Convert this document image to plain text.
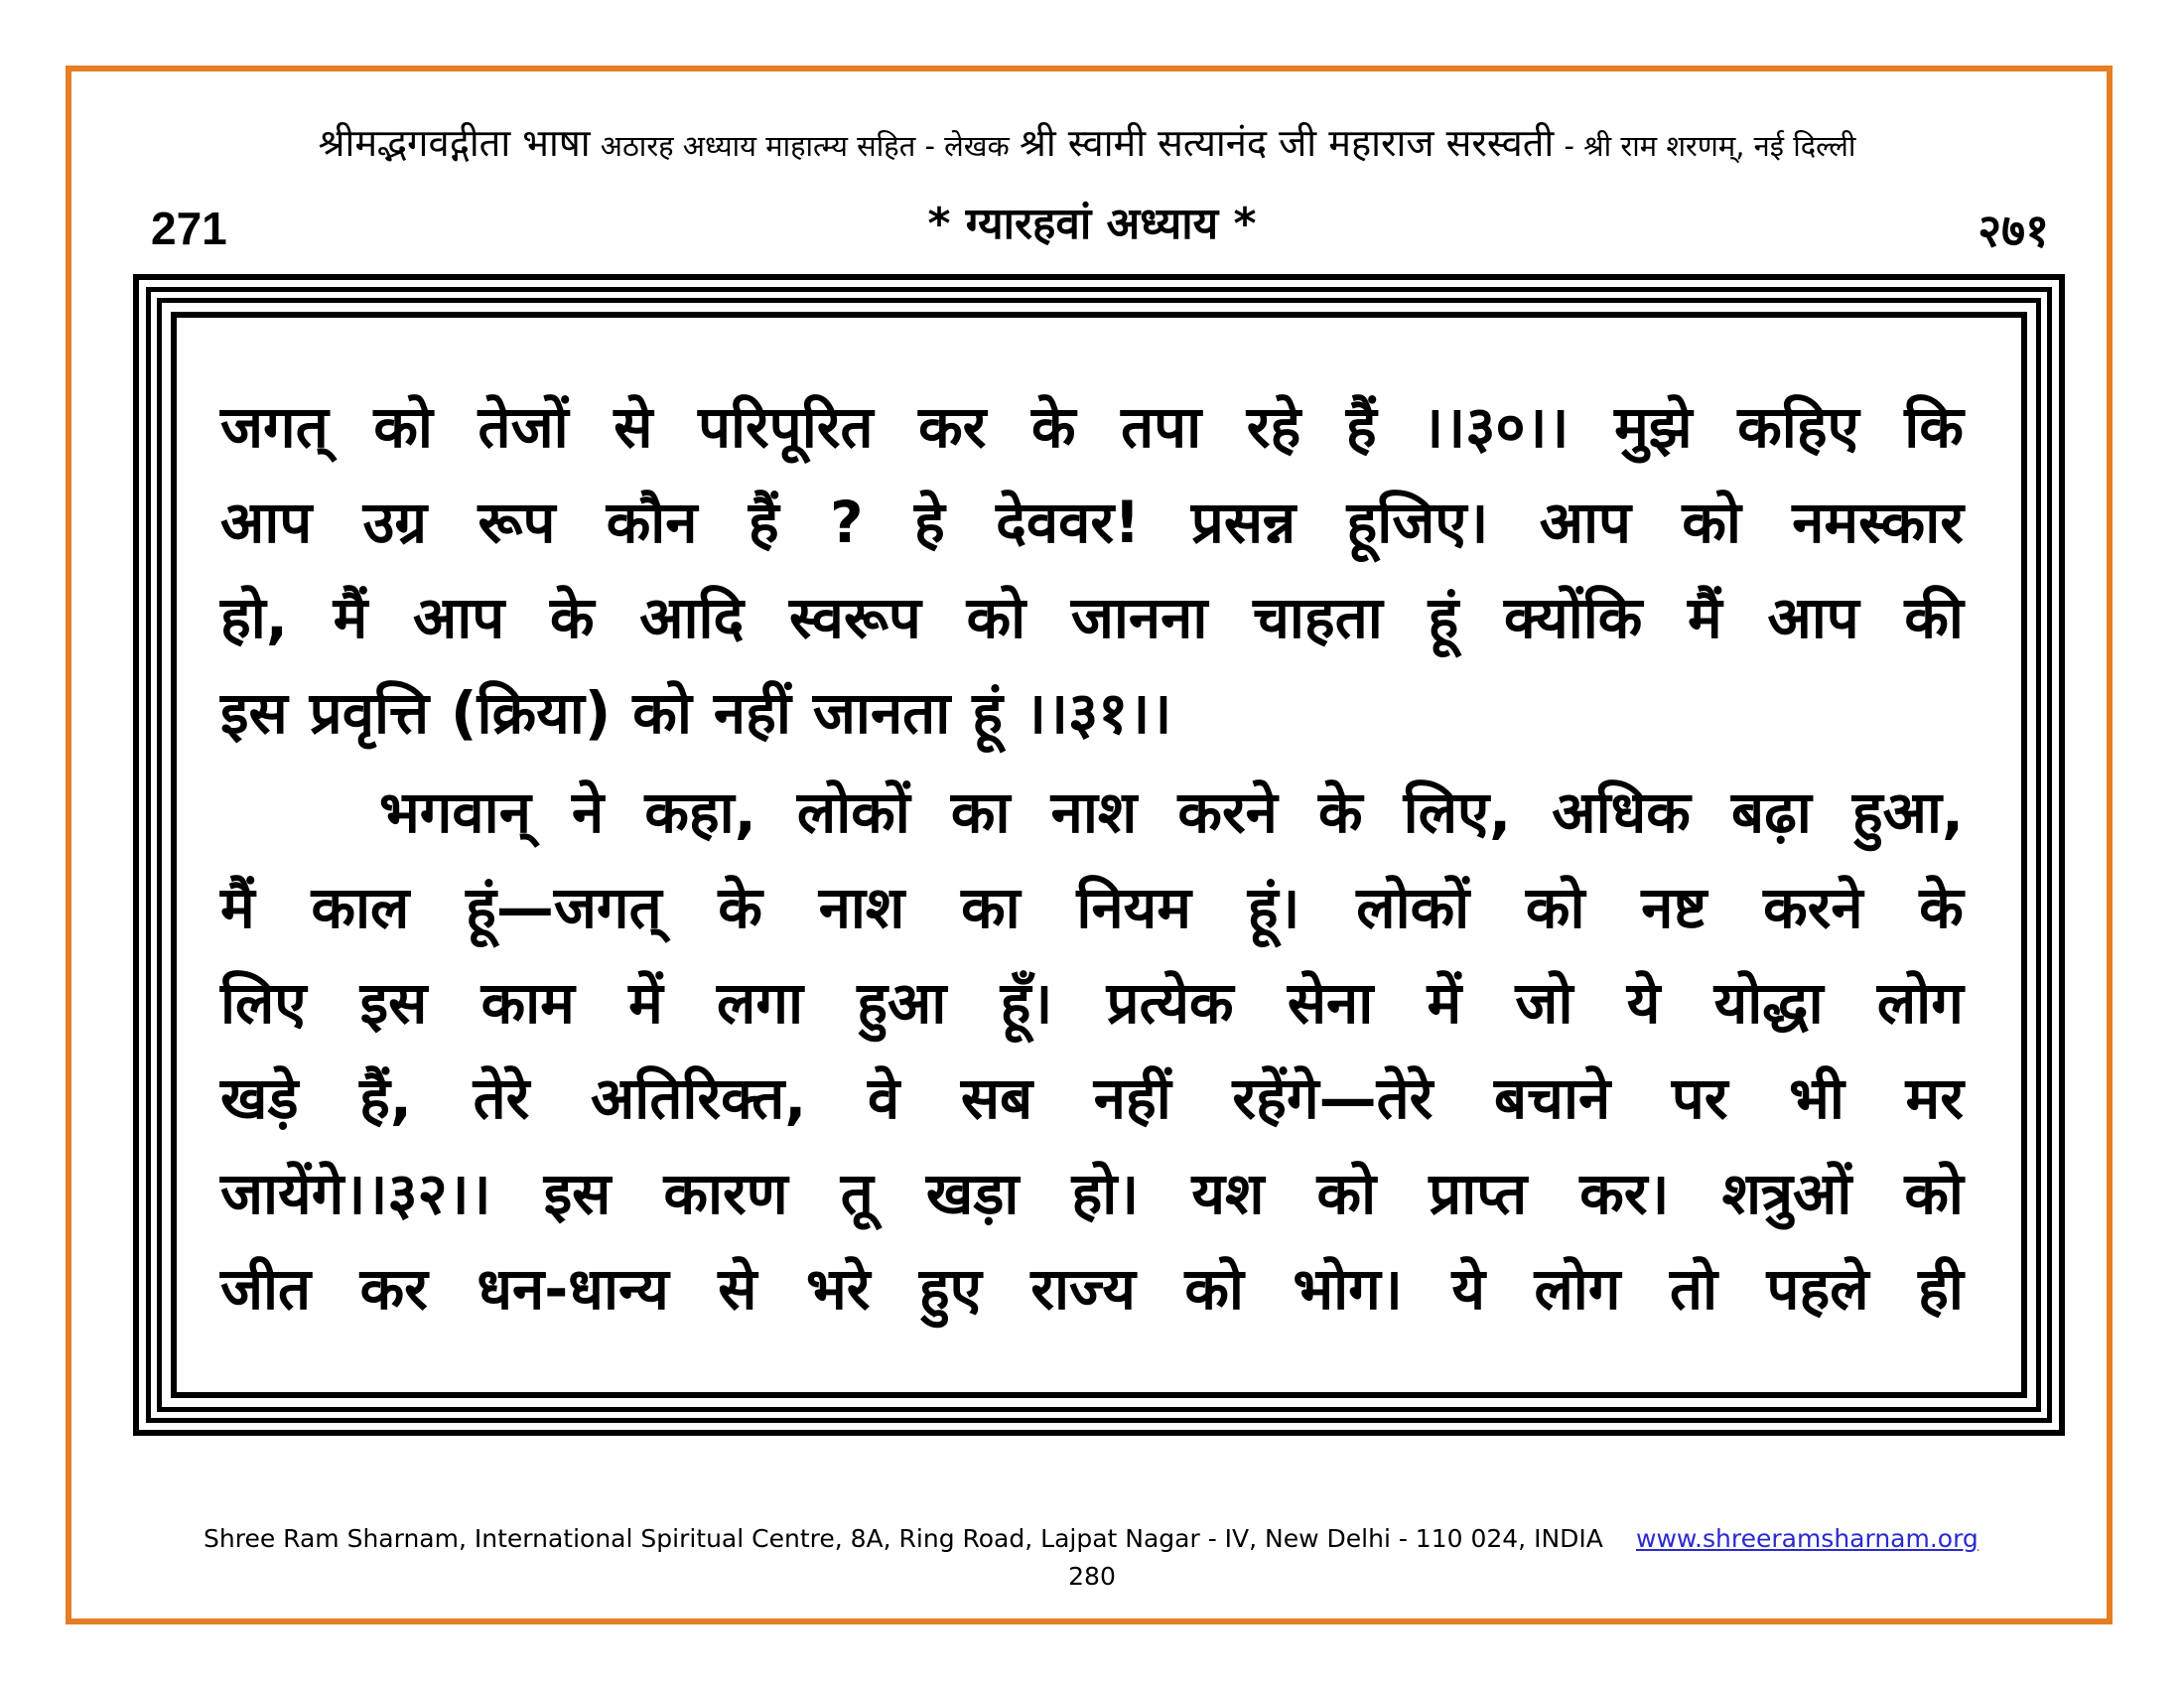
श्रीमद्भगवद्गीता भाषा अठारह अध्याय माहात्म्य सहित - लेखक श्री स्वामी सत्यानंद जी महाराज सरस्वती - श्री राम शरणम्, नई दिल्ली
271	* ग्यारहवां अध्याय *	२७१
जगत् को तेजों से परिपूरित कर के तपा रहे हैं ।।३०।। मुझे कहिए कि
आप उग्र रूप कौन हैं ? हे देववर! प्रसन्न हूजिए। आप को नमस्कार
हो, मैं आप के आदि स्वरूप को जानना चाहता हूं क्योंकि मैं आप की
इस प्रवृत्ति (क्रिया) को नहीं जानता हूं ।।३१।।
भगवान् ने कहा, लोकों का नाश करने के लिए, अधिक बढ़ा हुआ,
मैं काल हूं—जगत् के नाश का नियम हूं। लोकों को नष्ट करने के
लिए इस काम में लगा हुआ हूँ। प्रत्येक सेना में जो ये योद्धा लोग
खड़े हैं, तेरे अतिरिक्त, वे सब नहीं रहेंगे—तेरे बचाने पर भी मर
जायेंगे।।३२।। इस कारण तू खड़ा हो। यश को प्राप्त कर। शत्रुओं को
जीत कर धन-धान्य से भरे हुए राज्य को भोग। ये लोग तो पहले ही
Shree Ram Sharnam, International Spiritual Centre, 8A, Ring Road, Lajpat Nagar - IV, New Delhi - 110 024, INDIA www.shreeramsharnam.org
280
